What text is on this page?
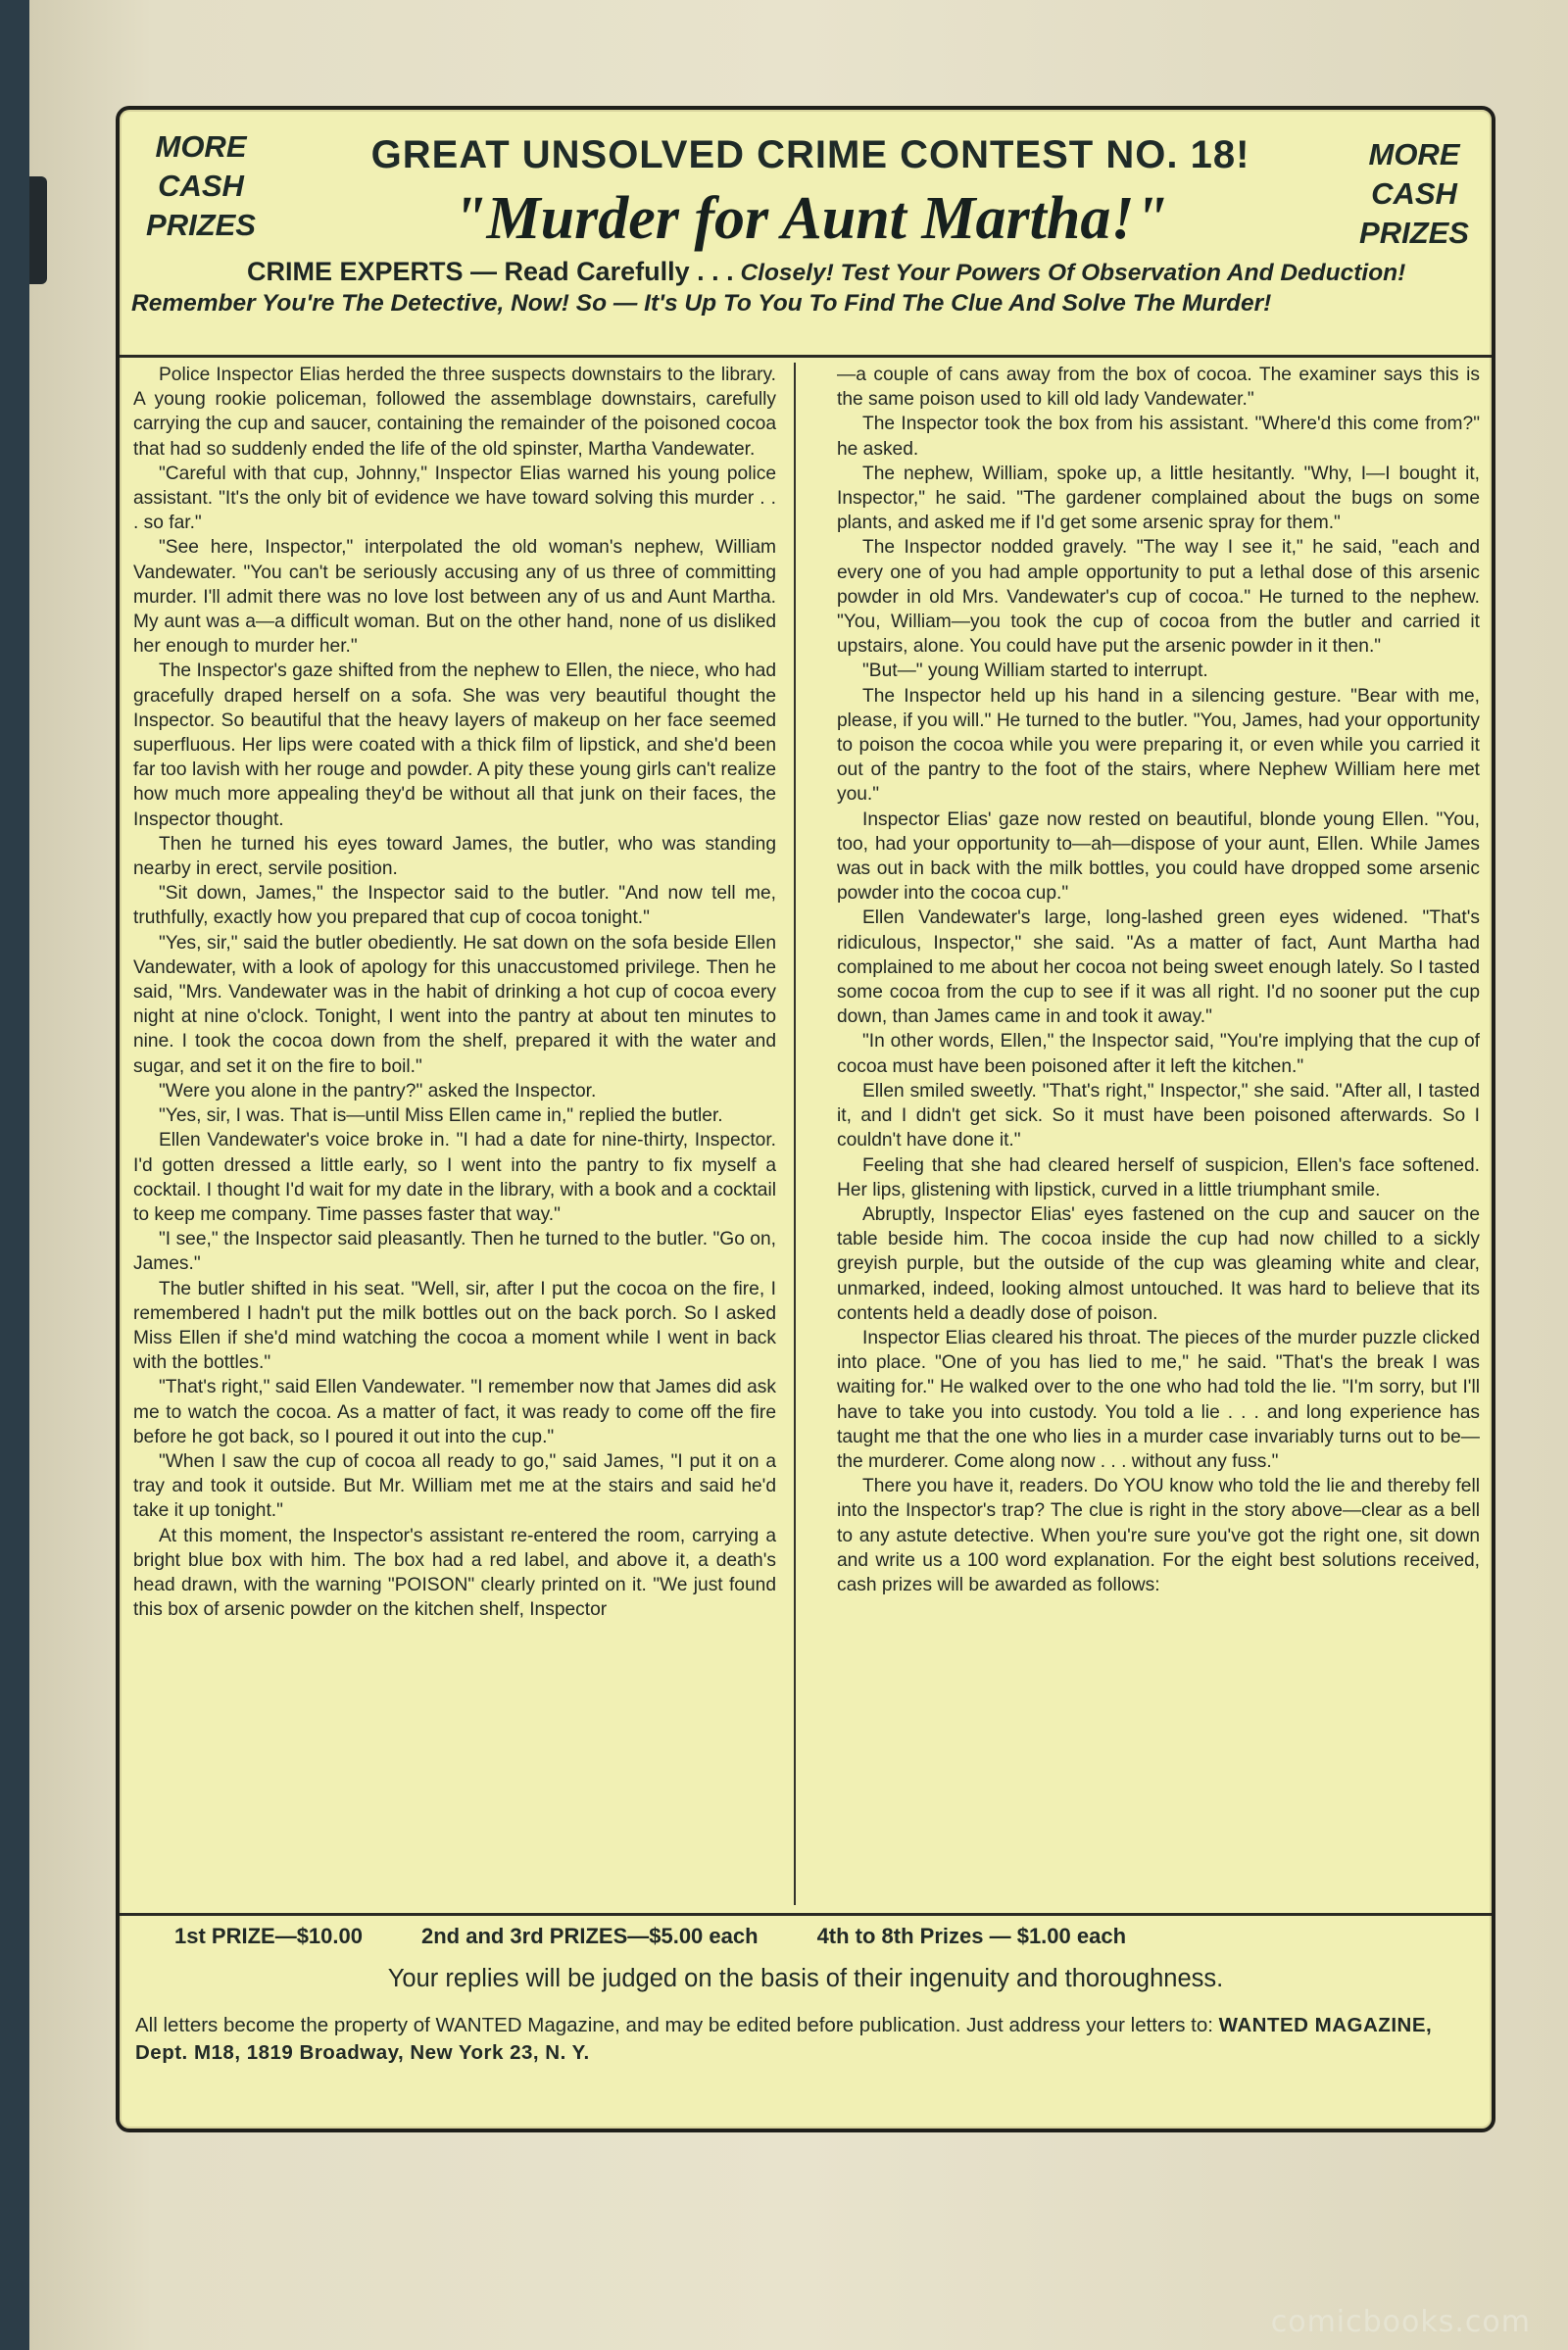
MORE
CASH
PRIZES
GREAT UNSOLVED CRIME CONTEST NO. 18!
"Murder for Aunt Martha!"
MORE
CASH
PRIZES
CRIME EXPERTS — Read Carefully . . . Closely! Test Your Powers Of Observation And Deduction! Remember You're The Detective, Now! So — It's Up To You To Find The Clue And Solve The Murder!

Police Inspector Elias herded the three suspects downstairs to the library. A young rookie policeman, followed the assemblage downstairs, carefully carrying the cup and saucer, containing the remainder of the poisoned cocoa that had so suddenly ended the life of the old spinster, Martha Vandewater.

"Careful with that cup, Johnny," Inspector Elias warned his young police assistant. "It's the only bit of evidence we have toward solving this murder . . . so far."

"See here, Inspector," interpolated the old woman's nephew, William Vandewater. "You can't be seriously accusing any of us three of committing murder. I'll admit there was no love lost between any of us and Aunt Martha. My aunt was a—a difficult woman. But on the other hand, none of us disliked her enough to murder her."

The Inspector's gaze shifted from the nephew to Ellen, the niece, who had gracefully draped herself on a sofa. She was very beautiful thought the Inspector. So beautiful that the heavy layers of makeup on her face seemed superfluous. Her lips were coated with a thick film of lipstick, and she'd been far too lavish with her rouge and powder. A pity these young girls can't realize how much more appealing they'd be without all that junk on their faces, the Inspector thought.

Then he turned his eyes toward James, the butler, who was standing nearby in erect, servile position.

"Sit down, James," the Inspector said to the butler. "And now tell me, truthfully, exactly how you prepared that cup of cocoa tonight."

"Yes, sir," said the butler obediently. He sat down on the sofa beside Ellen Vandewater, with a look of apology for this unaccustomed privilege. Then he said, "Mrs. Vandewater was in the habit of drinking a hot cup of cocoa every night at nine o'clock. Tonight, I went into the pantry at about ten minutes to nine. I took the cocoa down from the shelf, prepared it with the water and sugar, and set it on the fire to boil."

"Were you alone in the pantry?" asked the Inspector.

"Yes, sir, I was. That is—until Miss Ellen came in," replied the butler.

Ellen Vandewater's voice broke in. "I had a date for nine-thirty, Inspector. I'd gotten dressed a little early, so I went into the pantry to fix myself a cocktail. I thought I'd wait for my date in the library, with a book and a cocktail to keep me company. Time passes faster that way."

"I see," the Inspector said pleasantly. Then he turned to the butler. "Go on, James."

The butler shifted in his seat. "Well, sir, after I put the cocoa on the fire, I remembered I hadn't put the milk bottles out on the back porch. So I asked Miss Ellen if she'd mind watching the cocoa a moment while I went in back with the bottles."

"That's right," said Ellen Vandewater. "I remember now that James did ask me to watch the cocoa. As a matter of fact, it was ready to come off the fire before he got back, so I poured it out into the cup."

"When I saw the cup of cocoa all ready to go," said James, "I put it on a tray and took it outside. But Mr. William met me at the stairs and said he'd take it up tonight."

At this moment, the Inspector's assistant re-entered the room, carrying a bright blue box with him. The box had a red label, and above it, a death's head drawn, with the warning "POISON" clearly printed on it. "We just found this box of arsenic powder on the kitchen shelf, Inspector

—a couple of cans away from the box of cocoa. The examiner says this is the same poison used to kill old lady Vandewater."

The Inspector took the box from his assistant. "Where'd this come from?" he asked.

The nephew, William, spoke up, a little hesitantly. "Why, I—I bought it, Inspector," he said. "The gardener complained about the bugs on some plants, and asked me if I'd get some arsenic spray for them."

The Inspector nodded gravely. "The way I see it," he said, "each and every one of you had ample opportunity to put a lethal dose of this arsenic powder in old Mrs. Vandewater's cup of cocoa." He turned to the nephew. "You, William—you took the cup of cocoa from the butler and carried it upstairs, alone. You could have put the arsenic powder in it then."

"But—" young William started to interrupt.

The Inspector held up his hand in a silencing gesture. "Bear with me, please, if you will." He turned to the butler. "You, James, had your opportunity to poison the cocoa while you were preparing it, or even while you carried it out of the pantry to the foot of the stairs, where Nephew William here met you."

Inspector Elias' gaze now rested on beautiful, blonde young Ellen. "You, too, had your opportunity to—ah—dispose of your aunt, Ellen. While James was out in back with the milk bottles, you could have dropped some arsenic powder into the cocoa cup."

Ellen Vandewater's large, long-lashed green eyes widened. "That's ridiculous, Inspector," she said. "As a matter of fact, Aunt Martha had complained to me about her cocoa not being sweet enough lately. So I tasted some cocoa from the cup to see if it was all right. I'd no sooner put the cup down, than James came in and took it away."

"In other words, Ellen," the Inspector said, "You're implying that the cup of cocoa must have been poisoned after it left the kitchen."

Ellen smiled sweetly. "That's right," Inspector," she said. "After all, I tasted it, and I didn't get sick. So it must have been poisoned afterwards. So I couldn't have done it."

Feeling that she had cleared herself of suspicion, Ellen's face softened. Her lips, glistening with lipstick, curved in a little triumphant smile.

Abruptly, Inspector Elias' eyes fastened on the cup and saucer on the table beside him. The cocoa inside the cup had now chilled to a sickly greyish purple, but the outside of the cup was gleaming white and clear, unmarked, indeed, looking almost untouched. It was hard to believe that its contents held a deadly dose of poison.

Inspector Elias cleared his throat. The pieces of the murder puzzle clicked into place. "One of you has lied to me," he said. "That's the break I was waiting for." He walked over to the one who had told the lie. "I'm sorry, but I'll have to take you into custody. You told a lie . . . and long experience has taught me that the one who lies in a murder case invariably turns out to be—the murderer. Come along now . . . without any fuss."

There you have it, readers. Do YOU know who told the lie and thereby fell into the Inspector's trap? The clue is right in the story above—clear as a bell to any astute detective. When you're sure you've got the right one, sit down and write us a 100 word explanation. For the eight best solutions received, cash prizes will be awarded as follows:

1st PRIZE—$10.00	2nd and 3rd PRIZES—$5.00 each	4th to 8th Prizes — $1.00 each
Your replies will be judged on the basis of their ingenuity and thoroughness.
All letters become the property of WANTED Magazine, and may be edited before publication. Just address your letters to: WANTED MAGAZINE, Dept. M18, 1819 Broadway, New York 23, N. Y.
comicbooks.com
